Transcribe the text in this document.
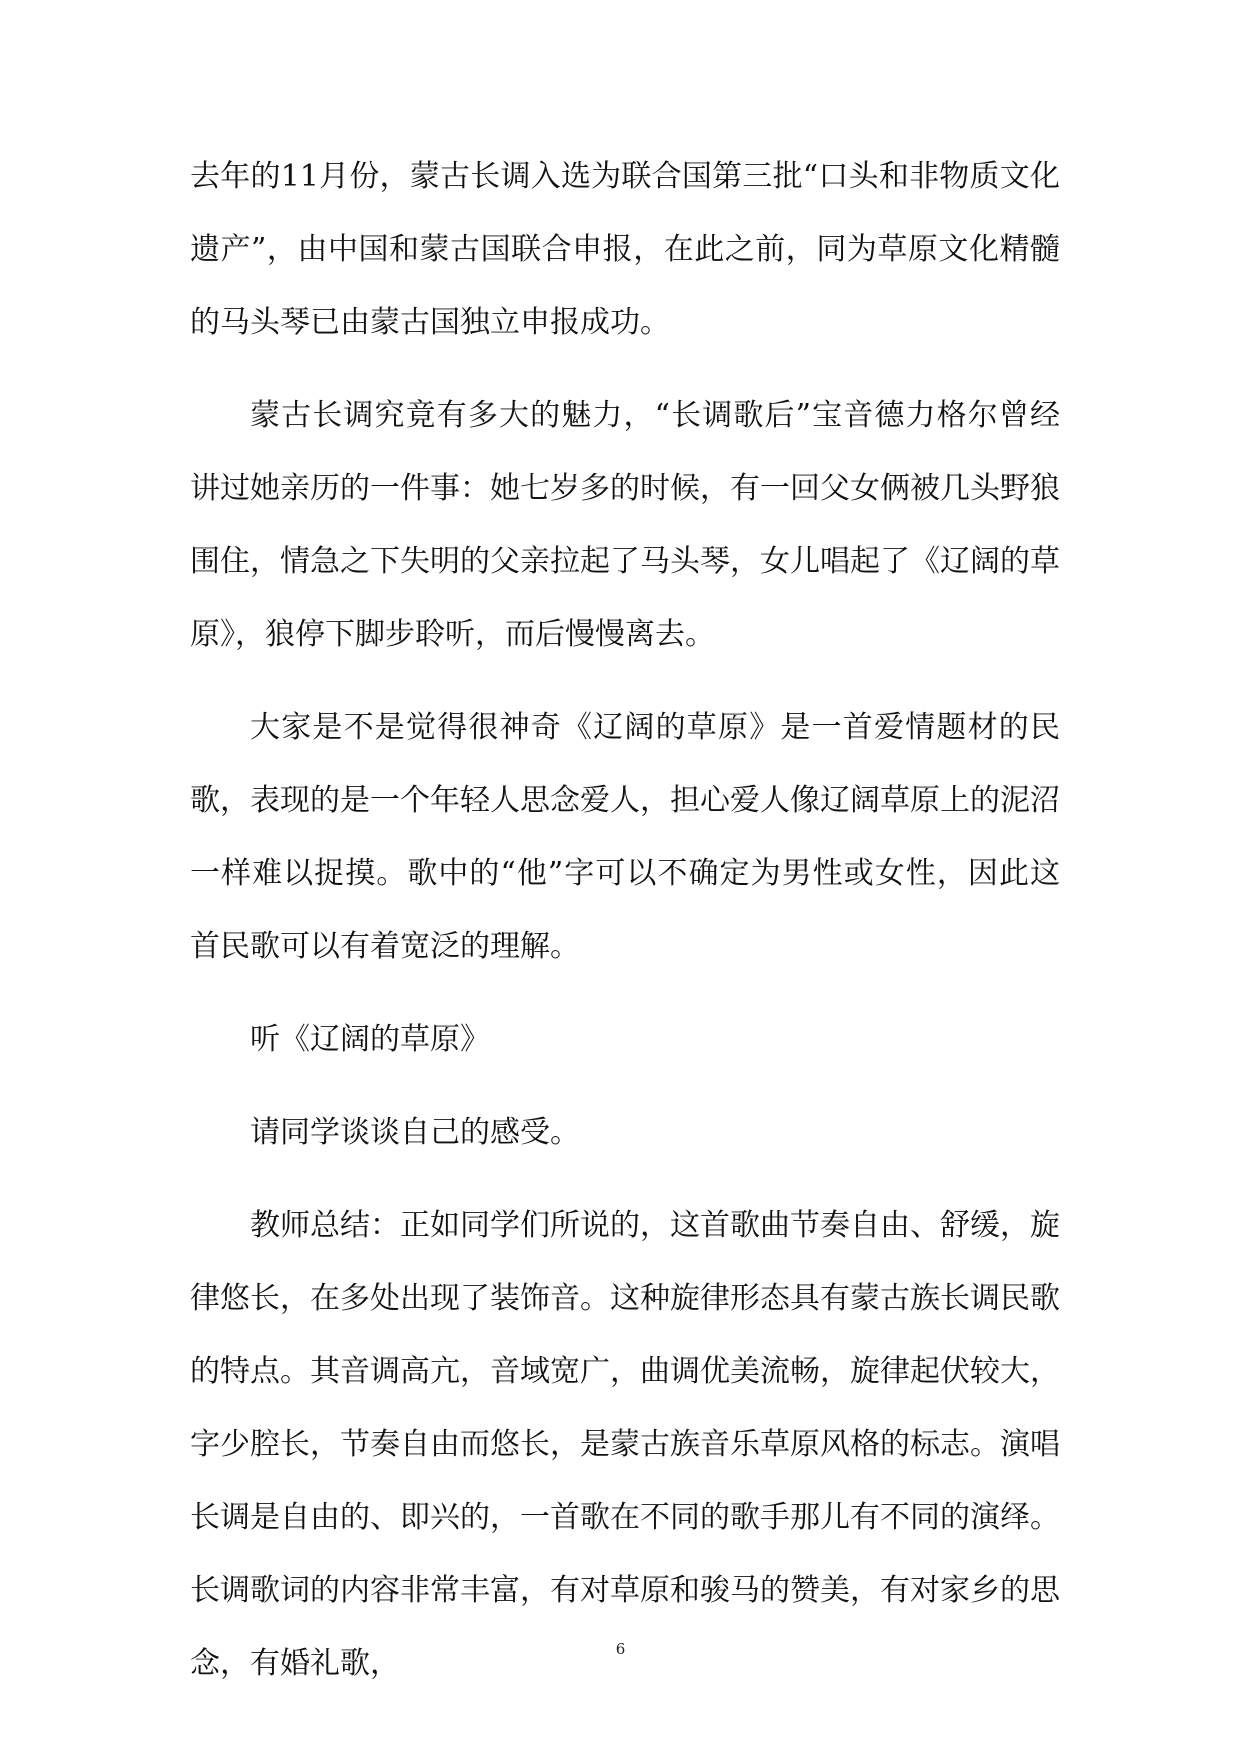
去年的11月份，蒙古长调入选为联合国第三批“口头和非物质文化遗产”，由中国和蒙古国联合申报，在此之前，同为草原文化精髓的马头琴已由蒙古国独立申报成功。

蒙古长调究竟有多大的魅力，“长调歌后”宝音德力格尔曾经讲过她亲历的一件事：她七岁多的时候，有一回父女俩被几头野狼围住，情急之下失明的父亲拉起了马头琴，女儿唱起了《辽阔的草原》，狼停下脚步聆听，而后慢慢离去。

大家是不是觉得很神奇《辽阔的草原》是一首爱情题材的民歌，表现的是一个年轻人思念爱人，担心爱人像辽阔草原上的泥沼一样难以捉摸。歌中的“他”字可以不确定为男性或女性，因此这首民歌可以有着宽泛的理解。

听《辽阔的草原》

请同学谈谈自己的感受。

教师总结：正如同学们所说的，这首歌曲节奏自由、舒缓，旋律悠长，在多处出现了装饰音。这种旋律形态具有蒙古族长调民歌的特点。其音调高亢，音域宽广，曲调优美流畅，旋律起伏较大，字少腔长，节奏自由而悠长，是蒙古族音乐草原风格的标志。演唱长调是自由的、即兴的，一首歌在不同的歌手那儿有不同的演绎。长调歌词的内容非常丰富，有对草原和骏马的赞美，有对家乡的思念，有婚礼歌，	6
